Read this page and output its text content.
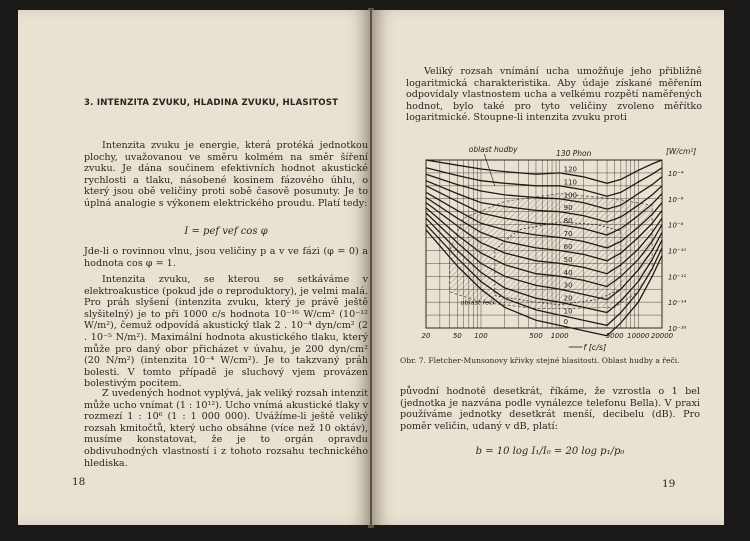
3. INTENZITA ZVUKU, HLADINA ZVUKU, HLASITOST

Intenzita zvuku je energie, která protéká jednotkou plochy, uvažovanou ve směru kolmém na směr šíření zvuku. Je dána součinem efektivních hodnot akustické rychlosti a tlaku, násobené kosinem fázového úhlu, o který jsou obě veličiny proti sobě časově posunuty. Je to úplná analogie s výkonem elektrického proudu. Platí tedy:

I = pef vef cos φ

Jde-li o rovinnou vlnu, jsou veličiny p a v ve fázi (φ = 0) a hodnota cos φ = 1.

Intenzita zvuku, se kterou se setkáváme v elektroakustice (pokud jde o reproduktory), je velmi malá. Pro práh slyšení (intenzita zvuku, který je právě ještě slyšitelný) je to při 1000 c/s hodnota 10⁻¹⁶ W/cm² (10⁻¹² W/m²), čemuž odpovídá akustický tlak 2 . 10⁻⁴ dyn/cm² (2 . 10⁻⁵ N/m²). Maximální hodnota akustického tlaku, který může pro daný obor přicházet v úvahu, je 200 dyn/cm² (20 N/m²) (intenzita 10⁻⁴ W/cm²). Je to takzvaný práh bolesti. V tomto případě je sluchový vjem provázen bolestivým pocitem.

Z uvedených hodnot vyplývá, jak veliký rozsah intenzit může ucho vnímat (1 : 10¹²). Ucho vnímá akustické tlaky v rozmezí 1 : 10⁶ (1 : 1 000 000). Uvážíme-li ještě veliký rozsah kmitočtů, který ucho obsáhne (více než 10 oktáv), musíme konstatovat, že je to orgán opravdu obdivuhodných vlastností i z tohoto rozsahu technického hlediska.

18

Veliký rozsah vnímání ucha umožňuje jeho přibližně logaritmická charakteristika. Aby údaje získané měřením odpovídaly vlastnostem ucha a velkému rozpětí naměřených hodnot, bylo také pro tyto veličiny zvoleno měřítko logaritmické. Stoupne-li intenzita zvuku proti

120
110
100
90
80
70
60
50
40
30
20
10
0
20	50 100	500 1000	5000 10000 20000
f [c/s]
10⁻⁴
10⁻⁶
10⁻⁸
10⁻¹⁰
10⁻¹²
10⁻¹⁴
10⁻¹⁶
[W/cm²]
130 Phon
oblast hudby
oblast řeči

Obr. 7. Fletcher-Munsonovy křivky stejné hlasitosti. Oblast hudby a řeči.

původní hodnotě desetkrát, říkáme, že vzrostla o 1 bel (jednotka je nazvána podle vynálezce telefonu Bella). V praxi používáme jednotky desetkrát menší, decibelu (dB). Pro poměr veličin, udaný v dB, platí:

b = 10 log I₁/I₀ = 20 log p₁/p₀
19
